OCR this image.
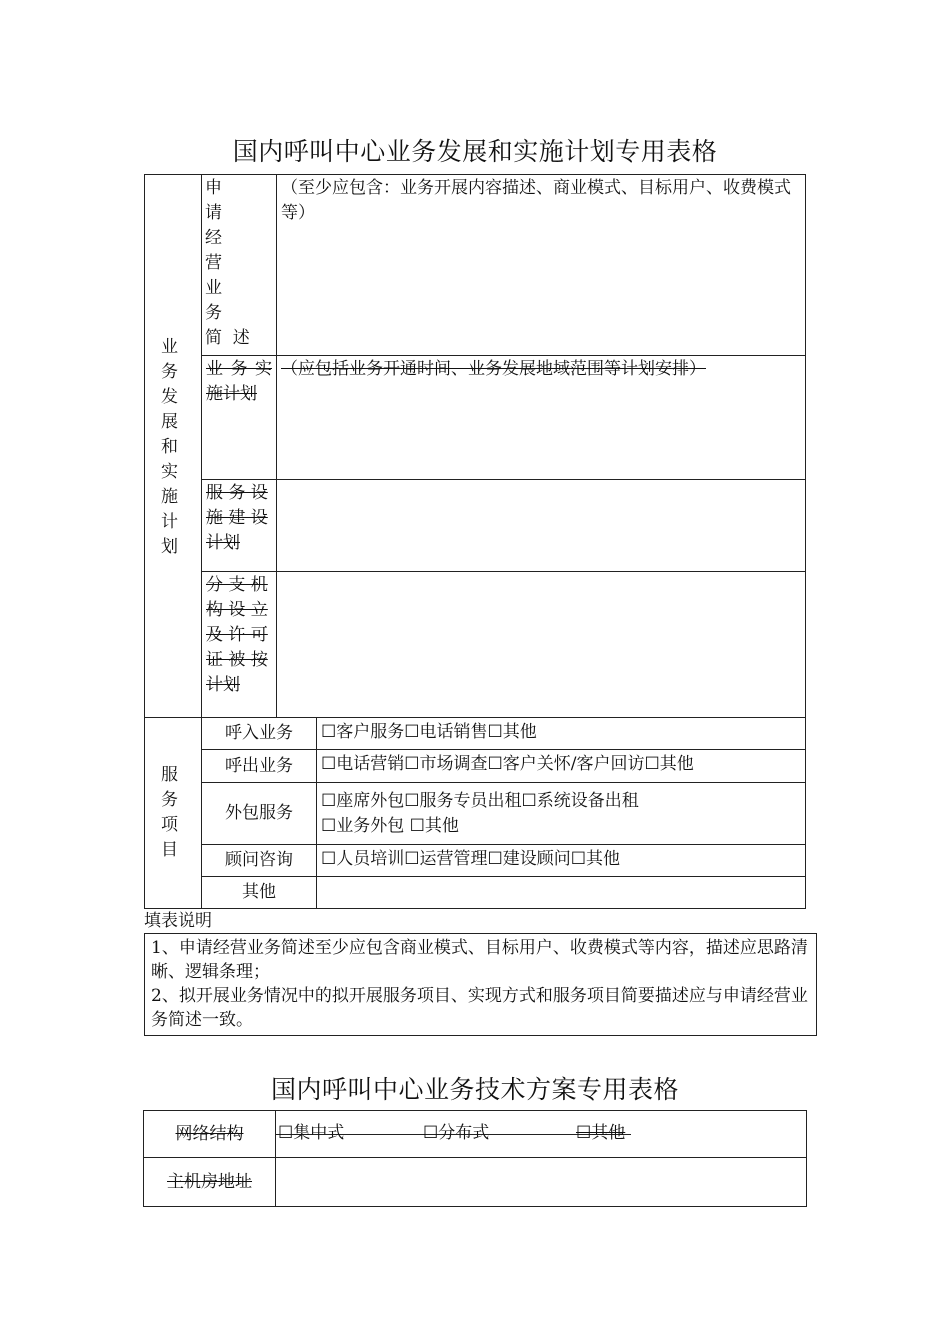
国内呼叫中心业务发展和实施计划专用表格
业
务
发
展
和
实
施
计
划
申
请
经
营
业
务
简  述
（至少应包含：业务开展内容描述、商业模式、目标用户、收费模式等）
业 务 实 施计划
（应包括业务开通时间、业务发展地域范围等计划安排）
服 务 设 施 建 设 计划
分 支 机 构 设 立 及 许 可 证 被 按 计划
服
务
项
目
呼入业务 ☐客户服务☐电话销售☐其他
呼出业务 ☐电话营销☐市场调查☐客户关怀/客户回访☐其他
外包服务
☐座席外包☐服务专员出租☐系统设备出租
☐业务外包 ☐其他
顾问咨询 ☐人员培训☐运营管理☐建设顾问☐其他
其他
填表说明
1、申请经营业务简述至少应包含商业模式、目标用户、收费模式等内容，描述应思路清晰、逻辑条理；
2、拟开展业务情况中的拟开展服务项目、实现方式和服务项目简要描述应与申请经营业务简述一致。
国内呼叫中心业务技术方案专用表格
网络结构 ☐集中式	☐分布式	☐其他
主机房地址
